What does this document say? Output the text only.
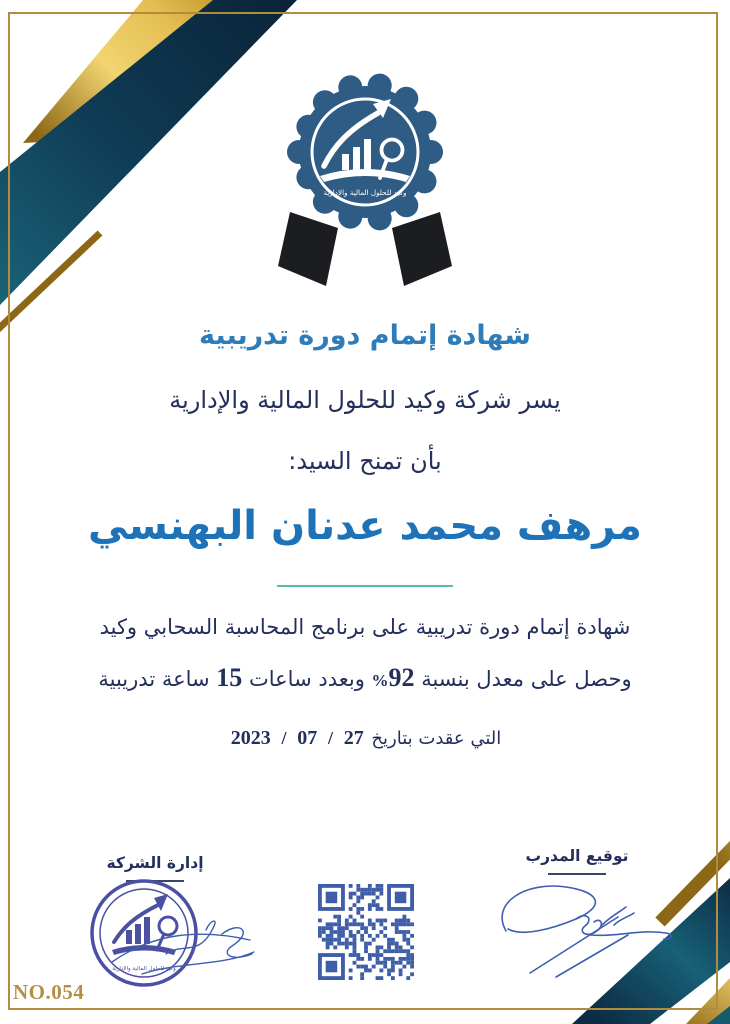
وكيد للحلول المالية والإدارية
شهادة إتمام دورة تدريبية
يسر شركة وكيد للحلول المالية والإدارية
بأن تمنح السيد:
مرهف محمد عدنان البهنسي
شهادة إتمام دورة تدريبية على برنامج المحاسبة السحابي وكيد
وحصل على معدل بنسبة 92% وبعدد ساعات 15 ساعة تدريبية
التي عقدت بتاريخ 27 / 07 / 2023
إدارة الشركة	توقيع المدرب
وكيد للحلول المالية والإدارية
NO.054
